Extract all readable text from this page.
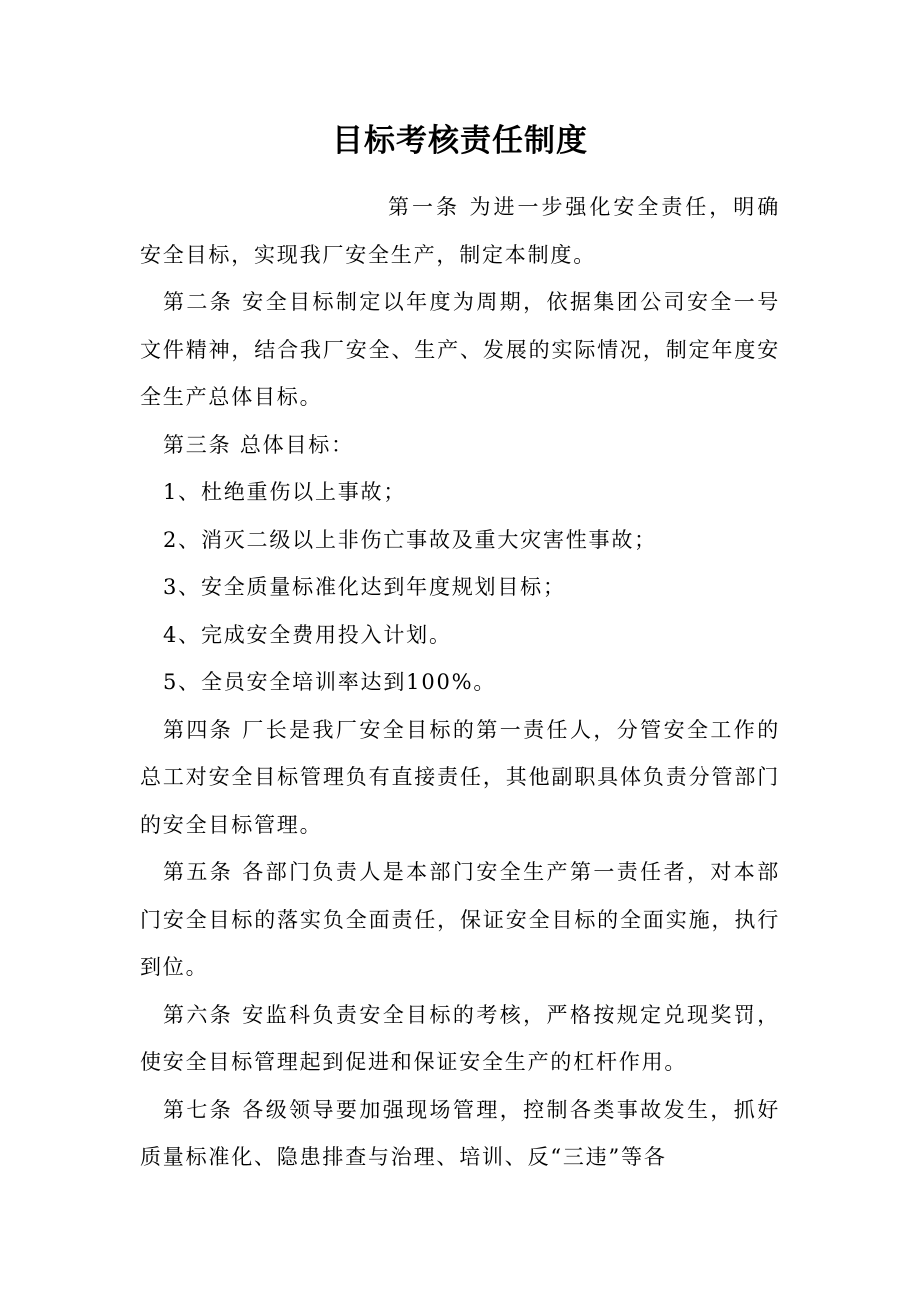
目标考核责任制度

第一条 为进一步强化安全责任，明确安全目标，实现我厂安全生产，制定本制度。

第二条 安全目标制定以年度为周期，依据集团公司安全一号文件精神，结合我厂安全、生产、发展的实际情况，制定年度安全生产总体目标。

第三条 总体目标：

1、杜绝重伤以上事故；

2、消灭二级以上非伤亡事故及重大灾害性事故；

3、安全质量标准化达到年度规划目标；

4、完成安全费用投入计划。

5、全员安全培训率达到100%。

第四条 厂长是我厂安全目标的第一责任人，分管安全工作的总工对安全目标管理负有直接责任，其他副职具体负责分管部门的安全目标管理。

第五条 各部门负责人是本部门安全生产第一责任者，对本部门安全目标的落实负全面责任，保证安全目标的全面实施，执行到位。

第六条 安监科负责安全目标的考核，严格按规定兑现奖罚，使安全目标管理起到促进和保证安全生产的杠杆作用。

第七条 各级领导要加强现场管理，控制各类事故发生，抓好质量标准化、隐患排查与治理、培训、反“三违”等各
